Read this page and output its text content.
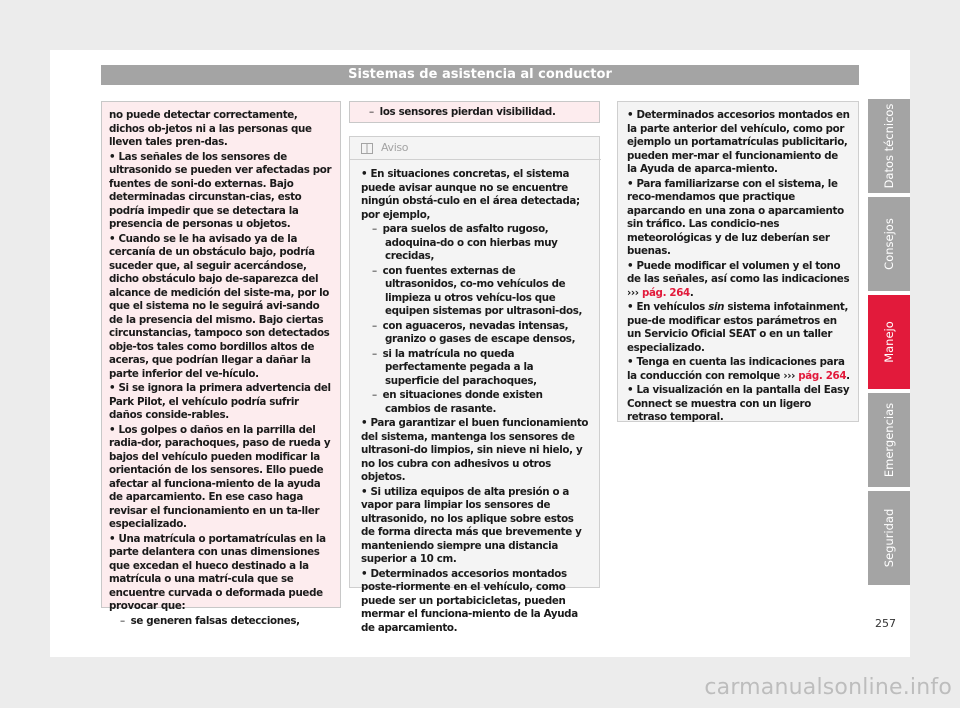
Sistemas de asistencia al conductor

no puede detectar correctamente, dichos ob-jetos ni a las personas que lleven tales pren-das.

• Las señales de los sensores de ultrasonido se pueden ver afectadas por fuentes de soni-do externas. Bajo determinadas circunstan-cias, esto podría impedir que se detectara la presencia de personas u objetos.

• Cuando se le ha avisado ya de la cercanía de un obstáculo bajo, podría suceder que, al seguir acercándose, dicho obstáculo bajo de-saparezca del alcance de medición del siste-ma, por lo que el sistema no le seguirá avi-sando de la presencia del mismo. Bajo ciertas circunstancias, tampoco son detectados obje-tos tales como bordillos altos de aceras, que podrían llegar a dañar la parte inferior del ve-hículo.

• Si se ignora la primera advertencia del Park Pilot, el vehículo podría sufrir daños conside-rables.

• Los golpes o daños en la parrilla del radia-dor, parachoques, paso de rueda y bajos del vehículo pueden modificar la orientación de los sensores. Ello puede afectar al funciona-miento de la ayuda de aparcamiento. En ese caso haga revisar el funcionamiento en un ta-ller especializado.

• Una matrícula o portamatrículas en la parte delantera con unas dimensiones que excedan el hueco destinado a la matrícula o una matrí-cula que se encuentre curvada o deformada puede provocar que:

–  se generen falsas detecciones,

–  los sensores pierdan visibilidad.

Aviso

• En situaciones concretas, el sistema puede avisar aunque no se encuentre ningún obstá-culo en el área detectada; por ejemplo,

–  para suelos de asfalto rugoso, adoquina-do o con hierbas muy crecidas,

–  con fuentes externas de ultrasonidos, co-mo vehículos de limpieza u otros vehícu-los que equipen sistemas por ultrasoni-dos,

–  con aguaceros, nevadas intensas, granizo o gases de escape densos,

–  si la matrícula no queda perfectamente pegada a la superficie del parachoques,

–  en situaciones donde existen cambios de rasante.

• Para garantizar el buen funcionamiento del sistema, mantenga los sensores de ultrasoni-do limpios, sin nieve ni hielo, y no los cubra con adhesivos u otros objetos.

• Si utiliza equipos de alta presión o a vapor para limpiar los sensores de ultrasonido, no los aplique sobre estos de forma directa más que brevemente y manteniendo siempre una distancia superior a 10 cm.

• Determinados accesorios montados poste-riormente en el vehículo, como puede ser un portabicicletas, pueden mermar el funciona-miento de la Ayuda de aparcamiento.

• Determinados accesorios montados en la parte anterior del vehículo, como por ejemplo un portamatrículas publicitario, pueden mer-mar el funcionamiento de la Ayuda de aparca-miento.

• Para familiarizarse con el sistema, le reco-mendamos que practique aparcando en una zona o aparcamiento sin tráfico. Las condicio-nes meteorológicas y de luz deberían ser buenas.

• Puede modificar el volumen y el tono de las señales, así como las indicaciones ››› pág. 264.

• En vehículos sin sistema infotainment, pue-de modificar estos parámetros en un Servicio Oficial SEAT o en un taller especializado.

• Tenga en cuenta las indicaciones para la conducción con remolque ››› pág. 264.

• La visualización en la pantalla del Easy Connect se muestra con un ligero retraso temporal.

Datos técnicos
Consejos
Manejo
Emergencias
Seguridad
257
carmanualsonline.info
